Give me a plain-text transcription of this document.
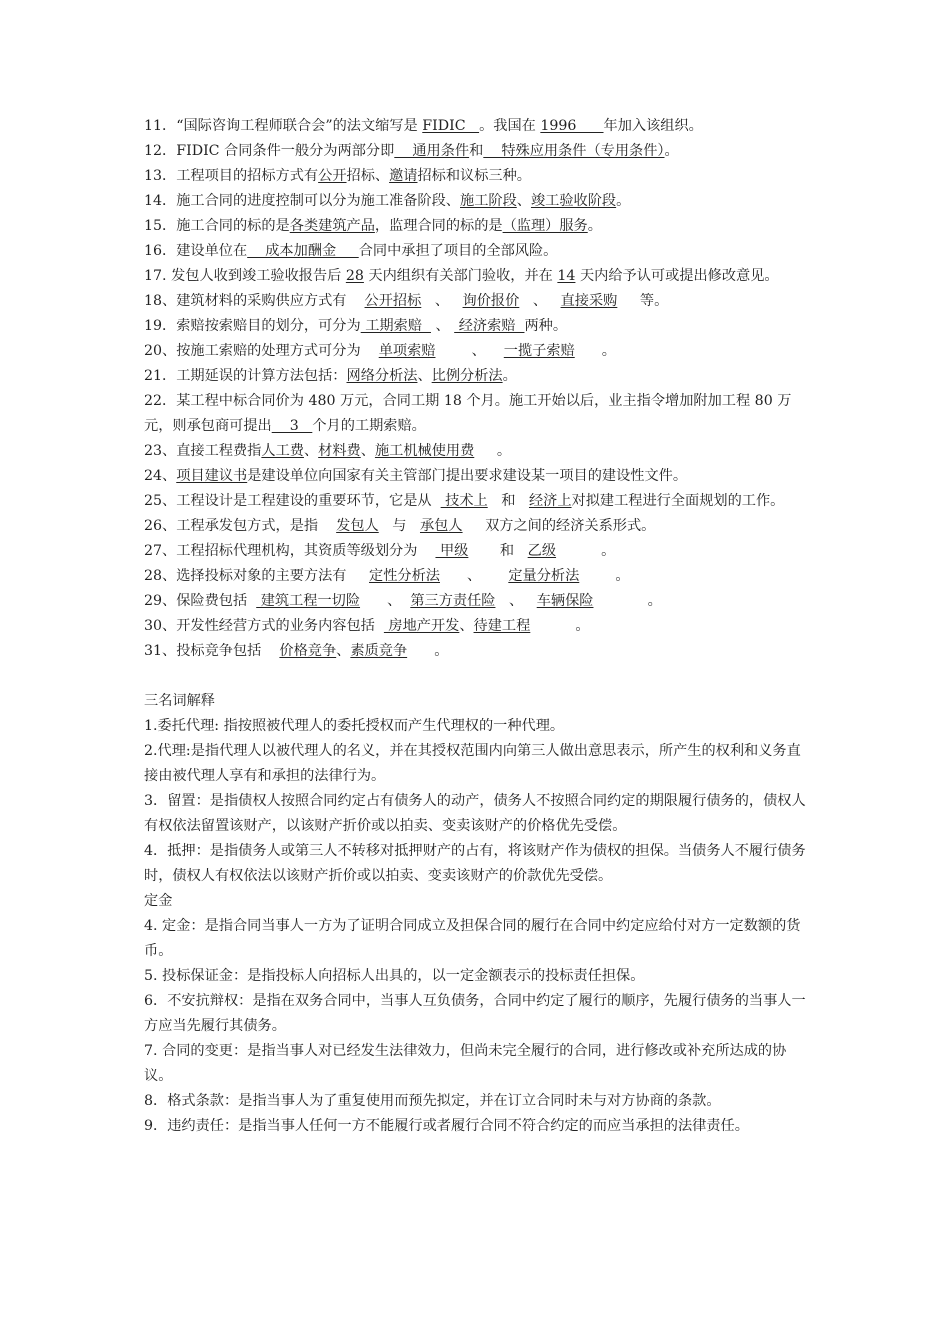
11．“国际咨询工程师联合会”的法文缩写是 FIDIC   。我国在 1996      年加入该组织。
12．FIDIC 合同条件一般分为两部分即    通用条件和    特殊应用条件（专用条件）。
13．工程项目的招标方式有公开招标、邀请招标和议标三种。
14．施工合同的进度控制可以分为施工准备阶段、施工阶段、竣工验收阶段。
15．施工合同的标的是各类建筑产品，监理合同的标的是（监理）服务。
16．建设单位在    成本加酬金     合同中承担了项目的全部风险。
17. 发包人收到竣工验收报告后 28 天内组织有关部门验收，并在 14 天内给予认可或提出修改意见。
18、建筑材料的采购供应方式有    公开招标   、   询价报价   、   直接采购     等。
19．索赔按索赔目的划分，可分为 工期索赔   、  经济索赔  两种。
20、按施工索赔的处理方式可分为    单项索赔        、    一揽子索赔      。
21．工期延误的计算方法包括：网络分析法、比例分析法。
22．某工程中标合同价为 480 万元，合同工期 18 个月。施工开始以后，业主指令增加附加工程 80 万元，则承包商可提出    3   个月的工期索赔。
23、直接工程费指人工费、材料费、施工机械使用费     。
24、项目建议书是建设单位向国家有关主管部门提出要求建设某一项目的建设性文件。
25、工程设计是工程建设的重要环节，它是从   技术上   和   经济上对拟建工程进行全面规划的工作。
26、工程承发包方式，是指    发包人   与   承包人     双方之间的经济关系形式。
27、工程招标代理机构，其资质等级划分为     甲级       和   乙级          。
28、选择投标对象的主要方法有     定性分析法      、      定量分析法        。
29、保险费包括   建筑工程一切险      、  第三方责任险   、   车辆保险            。
30、开发性经营方式的业务内容包括   房地产开发、待建工程          。
31、投标竞争包括    价格竞争、素质竞争      。
三名词解释
1.委托代理: 指按照被代理人的委托授权而产生代理权的一种代理。
2.代理:是指代理人以被代理人的名义，并在其授权范围内向第三人做出意思表示，所产生的权利和义务直接由被代理人享有和承担的法律行为。
3．留置：是指债权人按照合同约定占有债务人的动产，债务人不按照合同约定的期限履行债务的，债权人有权依法留置该财产，以该财产折价或以拍卖、变卖该财产的价格优先受偿。
4．抵押：是指债务人或第三人不转移对抵押财产的占有，将该财产作为债权的担保。当债务人不履行债务时，债权人有权依法以该财产折价或以拍卖、变卖该财产的价款优先受偿。
定金
4. 定金：是指合同当事人一方为了证明合同成立及担保合同的履行在合同中约定应给付对方一定数额的货币。
5. 投标保证金：是指投标人向招标人出具的，以一定金额表示的投标责任担保。
6．不安抗辩权：是指在双务合同中，当事人互负债务，合同中约定了履行的顺序，先履行债务的当事人一方应当先履行其债务。
7. 合同的变更：是指当事人对已经发生法律效力，但尚未完全履行的合同，进行修改或补充所达成的协议。
8．格式条款：是指当事人为了重复使用而预先拟定，并在订立合同时未与对方协商的条款。
9．违约责任：是指当事人任何一方不能履行或者履行合同不符合约定的而应当承担的法律责任。
